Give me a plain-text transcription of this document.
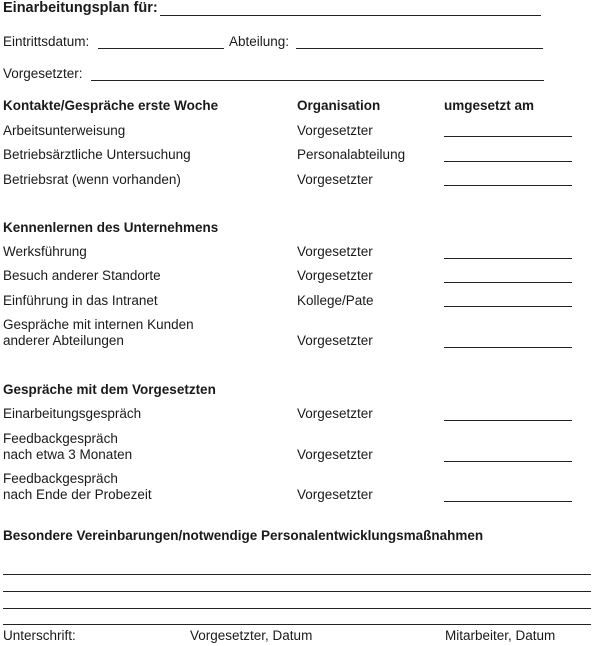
Einarbeitungsplan für:
Eintrittsdatum:	Abteilung:
Vorgesetzter:
Kontakte/Gespräche erste Woche	Organisation	umgesetzt am
Arbeitsunterweisung	Vorgesetzter
Betriebsärztliche Untersuchung	Personalabteilung
Betriebsrat (wenn vorhanden)	Vorgesetzter
Kennenlernen des Unternehmens
Werksführung	Vorgesetzter
Besuch anderer Standorte	Vorgesetzter
Einführung in das Intranet	Kollege/Pate
Gespräche mit internen Kunden
anderer Abteilungen	Vorgesetzter
Gespräche mit dem Vorgesetzten
Einarbeitungsgespräch	Vorgesetzter
Feedbackgespräch
nach etwa 3 Monaten	Vorgesetzter
Feedbackgespräch
nach Ende der Probezeit	Vorgesetzter
Besondere Vereinbarungen/notwendige Personalentwicklungsmaßnahmen
Unterschrift:	Vorgesetzter, Datum	Mitarbeiter, Datum
